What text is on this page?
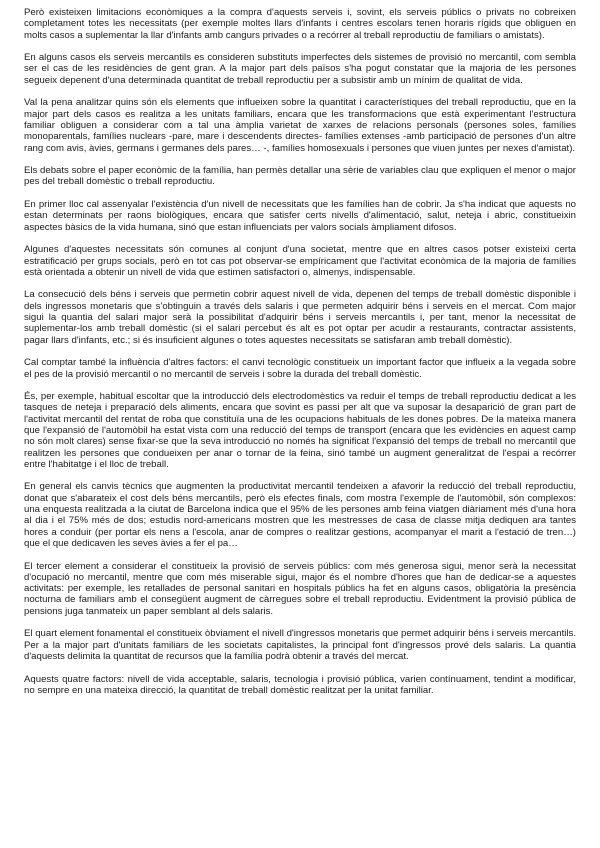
Però existeixen limitacions econòmiques a la compra d'aquests serveis i, sovint, els serveis públics o privats no cobreixen completament totes les necessitats (per exemple moltes llars d'infants i centres escolars tenen horaris rígids que obliguen en molts casos a suplementar la llar d'infants amb cangurs privades o a recórrer al treball reproductiu de familiars o amistats).

En alguns casos els serveis mercantils es consideren substituts imperfectes dels sistemes de provisió no mercantil, com sembla ser el cas de les residències de gent gran. A la major part dels països s'ha pogut constatar que la majoria de les persones segueix depenent d'una determinada quantitat de treball reproductiu per a subsistir amb un mínim de qualitat de vida.

Val la pena analitzar quins són els elements que influeixen sobre la quantitat i característiques del treball reproductiu, que en la major part dels casos es realitza a les unitats familiars, encara que les transformacions que està experimentant l'estructura familiar obliguen a considerar com a tal una àmplia varietat de xarxes de relacions personals (persones soles, famílies monoparentals, famílies nuclears -pare, mare i descendents directes- famílies extenses -amb participació de persones d'un altre rang com avis, àvies, germans i germanes dels pares… -, famílies homosexuals i persones que viuen juntes per nexes d'amistat).

Els debats sobre el paper econòmic de la família, han permès detallar una sèrie de variables clau que expliquen el menor o major pes del treball domèstic o treball reproductiu.

En primer lloc cal assenyalar l'existència d'un nivell de necessitats que les famílies han de cobrir. Ja s'ha indicat que aquests no estan determinats per raons biològiques, encara que satisfer certs nivells d'alimentació, salut, neteja i abric, constitueixin aspectes bàsics de la vida humana, sinó que estan influenciats per valors socials àmpliament difosos.

Algunes d'aquestes necessitats són comunes al conjunt d'una societat, mentre que en altres casos potser existeixi certa estratificació per grups socials, però en tot cas pot observar-se empíricament que l'activitat econòmica de la majoria de famílies està orientada a obtenir un nivell de vida que estimen satisfactori o, almenys, indispensable.

La consecució dels béns i serveis que permetin cobrir aquest nivell de vida, depenen del temps de treball domèstic disponible i dels ingressos monetaris que s'obtinguin a través dels salaris i que permeten adquirir béns i serveis en el mercat. Com major sigui la quantia del salari major serà la possibilitat d'adquirir béns i serveis mercantils i, per tant, menor la necessitat de suplementar-los amb treball domèstic (si el salari percebut és alt es pot optar per acudir a restaurants, contractar assistents, pagar llars d'infants, etc.; si és insuficient algunes o totes aquestes necessitats se satisfaran amb treball domèstic).

Cal comptar també la influència d'altres factors: el canvi tecnològic constitueix un important factor que influeix a la vegada sobre el pes de la provisió mercantil o no mercantil de serveis i sobre la durada del treball domèstic.

És, per exemple, habitual escoltar que la introducció dels electrodomèstics va reduir el temps de treball reproductiu dedicat a les tasques de neteja i preparació dels aliments, encara que sovint es passi per alt que va suposar la desaparició de gran part de l'activitat mercantil del rentat de roba que constituïa una de les ocupacions habituals de les dones pobres. De la mateixa manera que l'expansió de l'automòbil ha estat vista com una reducció del temps de transport (encara que les evidències en aquest camp no són molt clares) sense fixar-se que la seva introducció no només ha significat l'expansió del temps de treball no mercantil que realitzen les persones que condueixen per anar o tornar de la feina, sinó també un augment generalitzat de l'espai a recórrer entre l'habitatge i el lloc de treball.

En general els canvis tècnics que augmenten la productivitat mercantil tendeixen a afavorir la reducció del treball reproductiu, donat que s'abarateix el cost dels béns mercantils, però els efectes finals, com mostra l'exemple de l'automòbil, són complexos: una enquesta realitzada a la ciutat de Barcelona indica que el 95% de les persones amb feina viatgen diàriament més d'una hora al dia i el 75% més de dos; estudis nord-americans mostren que les mestresses de casa de classe mitja dediquen ara tantes hores a conduir (per portar els nens a l'escola, anar de compres o realitzar gestions, acompanyar el marit a l'estació de tren…) que el que dedicaven les seves àvies a fer el pa…

El tercer element a considerar el constitueix la provisió de serveis públics: com més generosa sigui, menor serà la necessitat d'ocupació no mercantil, mentre que com més miserable sigui, major és el nombre d'hores que han de dedicar-se a aquestes activitats: per exemple, les retallades de personal sanitari en hospitals públics ha fet en alguns casos, obligatòria la presència nocturna de familiars amb el consegüent augment de càrregues sobre el treball reproductiu. Evidentment la provisió pública de pensions juga tanmateix un paper semblant al dels salaris.

El quart element fonamental el constitueix òbviament el nivell d'ingressos monetaris que permet adquirir béns i serveis mercantils. Per a la major part d'unitats familiars de les societats capitalistes, la principal font d'ingressos prové dels salaris. La quantia d'aquests delimita la quantitat de recursos que la família podrà obtenir a través del mercat.

Aquests quatre factors: nivell de vida acceptable, salaris, tecnologia i provisió pública, varien contínuament, tendint a modificar, no sempre en una mateixa direcció, la quantitat de treball domèstic realitzat per la unitat familiar.
